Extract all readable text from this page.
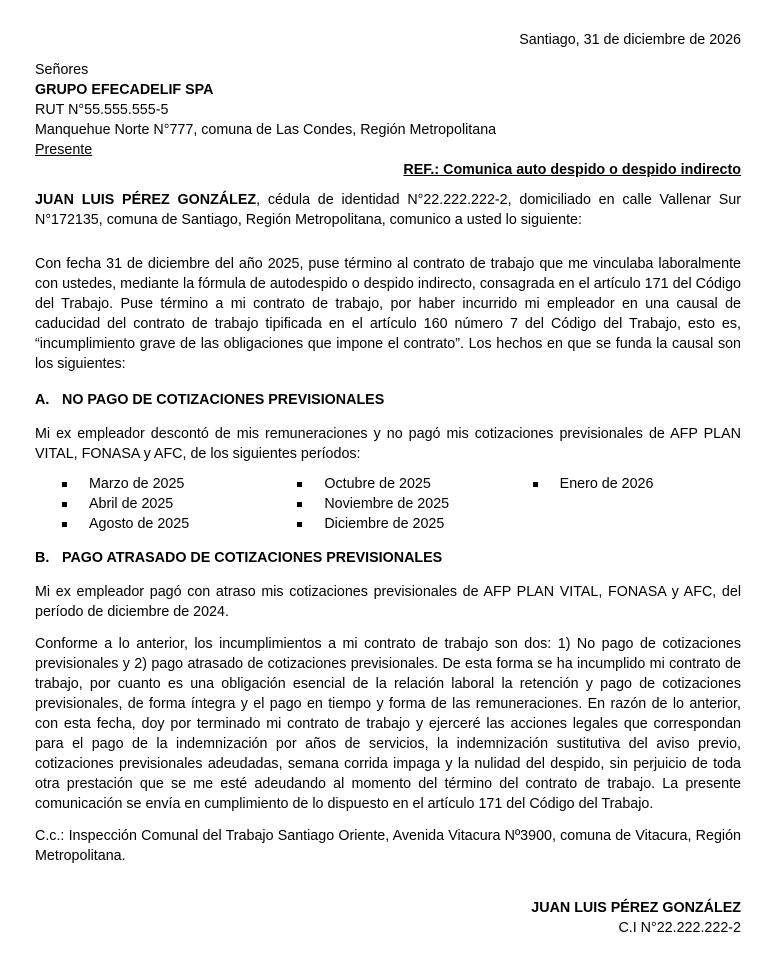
Santiago, 31 de diciembre de 2026
Señores
GRUPO EFECADELIF SPA
RUT N°55.555.555-5
Manquehue Norte N°777, comuna de Las Condes, Región Metropolitana
Presente
REF.: Comunica auto despido o despido indirecto

JUAN LUIS PÉREZ GONZÁLEZ, cédula de identidad N°22.222.222-2, domiciliado en calle Vallenar Sur N°172135, comuna de Santiago, Región Metropolitana, comunico a usted lo siguiente:

Con fecha 31 de diciembre del año 2025, puse término al contrato de trabajo que me vinculaba laboralmente con ustedes, mediante la fórmula de autodespido o despido indirecto, consagrada en el artículo 171 del Código del Trabajo. Puse término a mi contrato de trabajo, por haber incurrido mi empleador en una causal de caducidad del contrato de trabajo tipificada en el artículo 160 número 7 del Código del Trabajo, esto es, “incumplimiento grave de las obligaciones que impone el contrato”. Los hechos en que se funda la causal son los siguientes:

A. NO PAGO DE COTIZACIONES PREVISIONALES

Mi ex empleador descontó de mis remuneraciones y no pagó mis cotizaciones previsionales de AFP PLAN VITAL, FONASA y AFC, de los siguientes períodos:

Marzo de 2025
Abril de 2025
Agosto de 2025
Octubre de 2025
Noviembre de 2025
Diciembre de 2025
Enero de 2026
B. PAGO ATRASADO DE COTIZACIONES PREVISIONALES

Mi ex empleador pagó con atraso mis cotizaciones previsionales de AFP PLAN VITAL, FONASA y AFC, del período de diciembre de 2024.

Conforme a lo anterior, los incumplimientos a mi contrato de trabajo son dos: 1) No pago de cotizaciones previsionales y 2) pago atrasado de cotizaciones previsionales. De esta forma se ha incumplido mi contrato de trabajo, por cuanto es una obligación esencial de la relación laboral la retención y pago de cotizaciones previsionales, de forma íntegra y el pago en tiempo y forma de las remuneraciones. En razón de lo anterior, con esta fecha, doy por terminado mi contrato de trabajo y ejerceré las acciones legales que correspondan para el pago de la indemnización por años de servicios, la indemnización sustitutiva del aviso previo, cotizaciones previsionales adeudadas, semana corrida impaga y la nulidad del despido, sin perjuicio de toda otra prestación que se me esté adeudando al momento del término del contrato de trabajo. La presente comunicación se envía en cumplimiento de lo dispuesto en el artículo 171 del Código del Trabajo.

C.c.: Inspección Comunal del Trabajo Santiago Oriente, Avenida Vitacura Nº3900, comuna de Vitacura, Región Metropolitana.

JUAN LUIS PÉREZ GONZÁLEZ
C.I N°22.222.222-2
